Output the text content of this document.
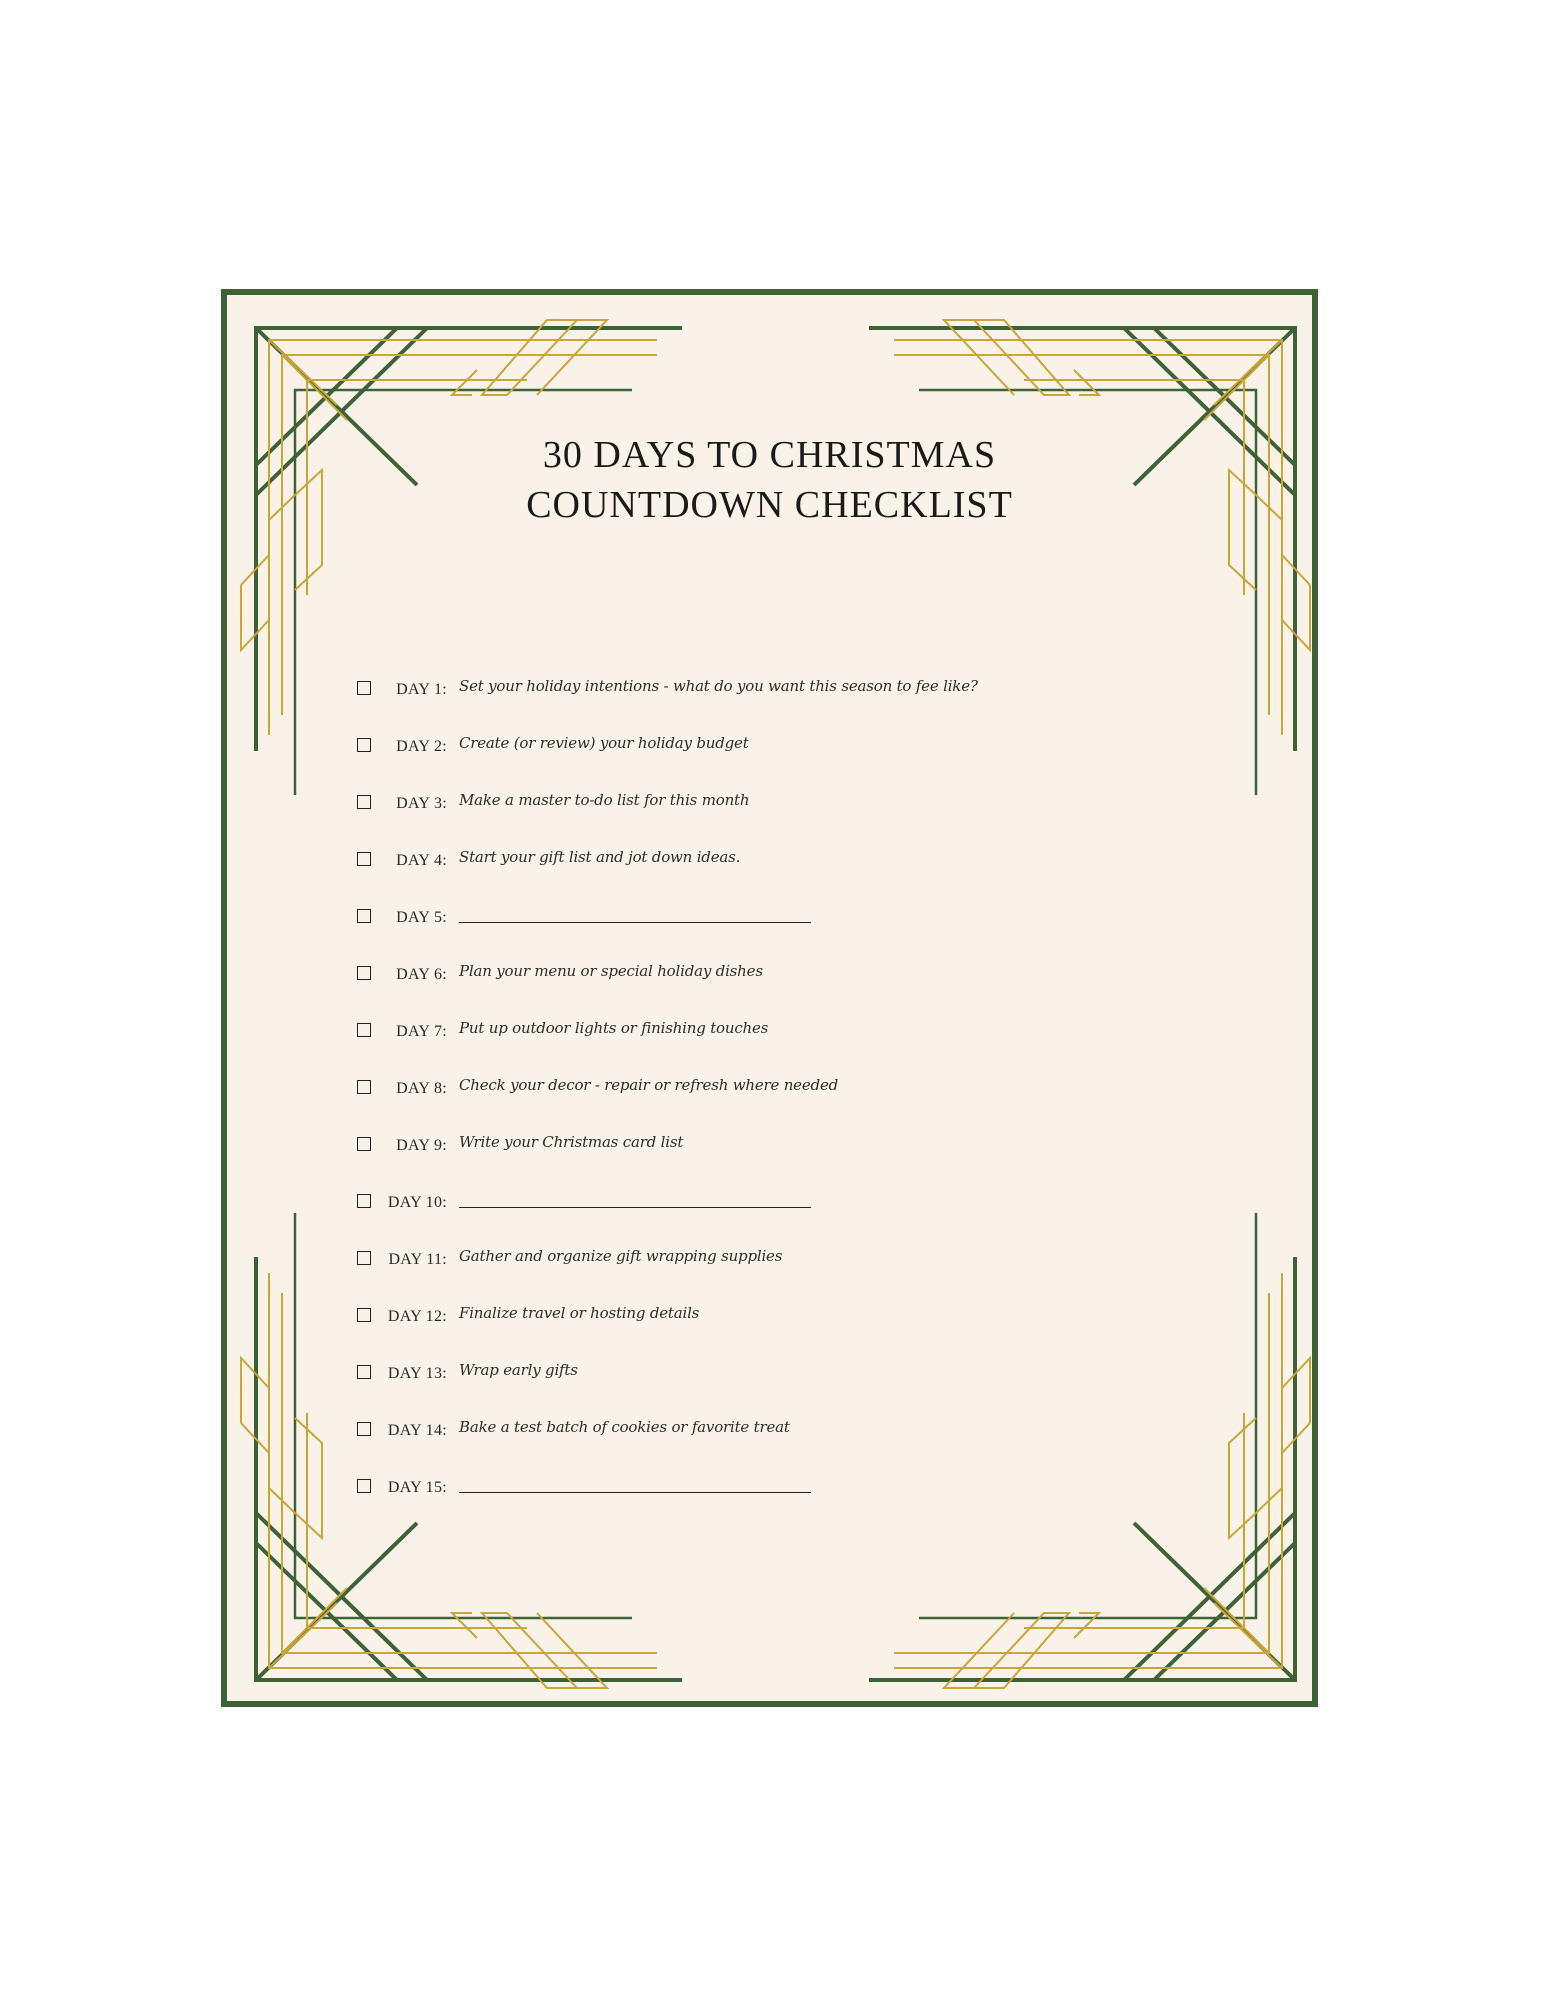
30 DAYS TO CHRISTMAS
COUNTDOWN CHECKLIST
DAY 1: Set your holiday intentions - what do you want this season to fee like?
DAY 2: Create (or review) your holiday budget
DAY 3: Make a master to-do list for this month
DAY 4: Start your gift list and jot down ideas.
DAY 5:
DAY 6: Plan your menu or special holiday dishes
DAY 7: Put up outdoor lights or finishing touches
DAY 8: Check your decor - repair or refresh where needed
DAY 9: Write your Christmas card list
DAY 10:
DAY 11: Gather and organize gift wrapping supplies
DAY 12: Finalize travel or hosting details
DAY 13: Wrap early gifts
DAY 14: Bake a test batch of cookies or favorite treat
DAY 15:
